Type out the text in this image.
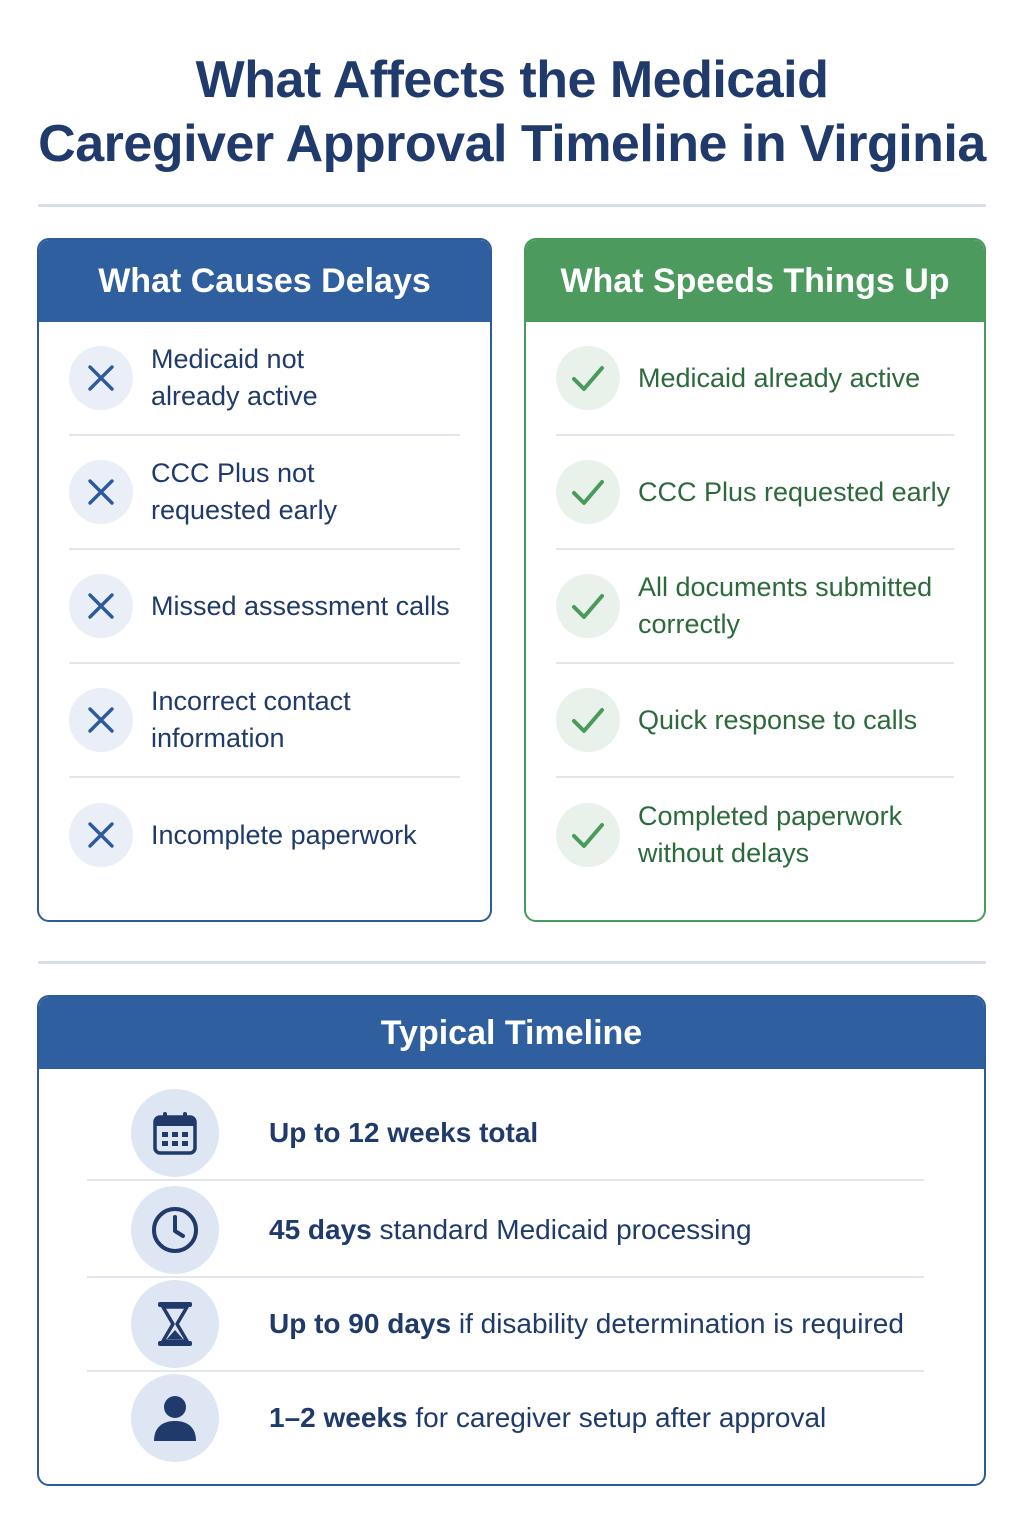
What Affects the Medicaid
Caregiver Approval Timeline in Virginia
What Causes Delays
Medicaid not already active
CCC Plus not requested early
Missed assessment calls
Incorrect contact information
Incomplete paperwork
What Speeds Things Up
Medicaid already active
CCC Plus requested early
All documents submitted correctly
Quick response to calls
Completed paperwork without delays
Typical Timeline
Up to 12 weeks total
45 days standard Medicaid processing
Up to 90 days if disability determination is required
1–2 weeks for caregiver setup after approval
